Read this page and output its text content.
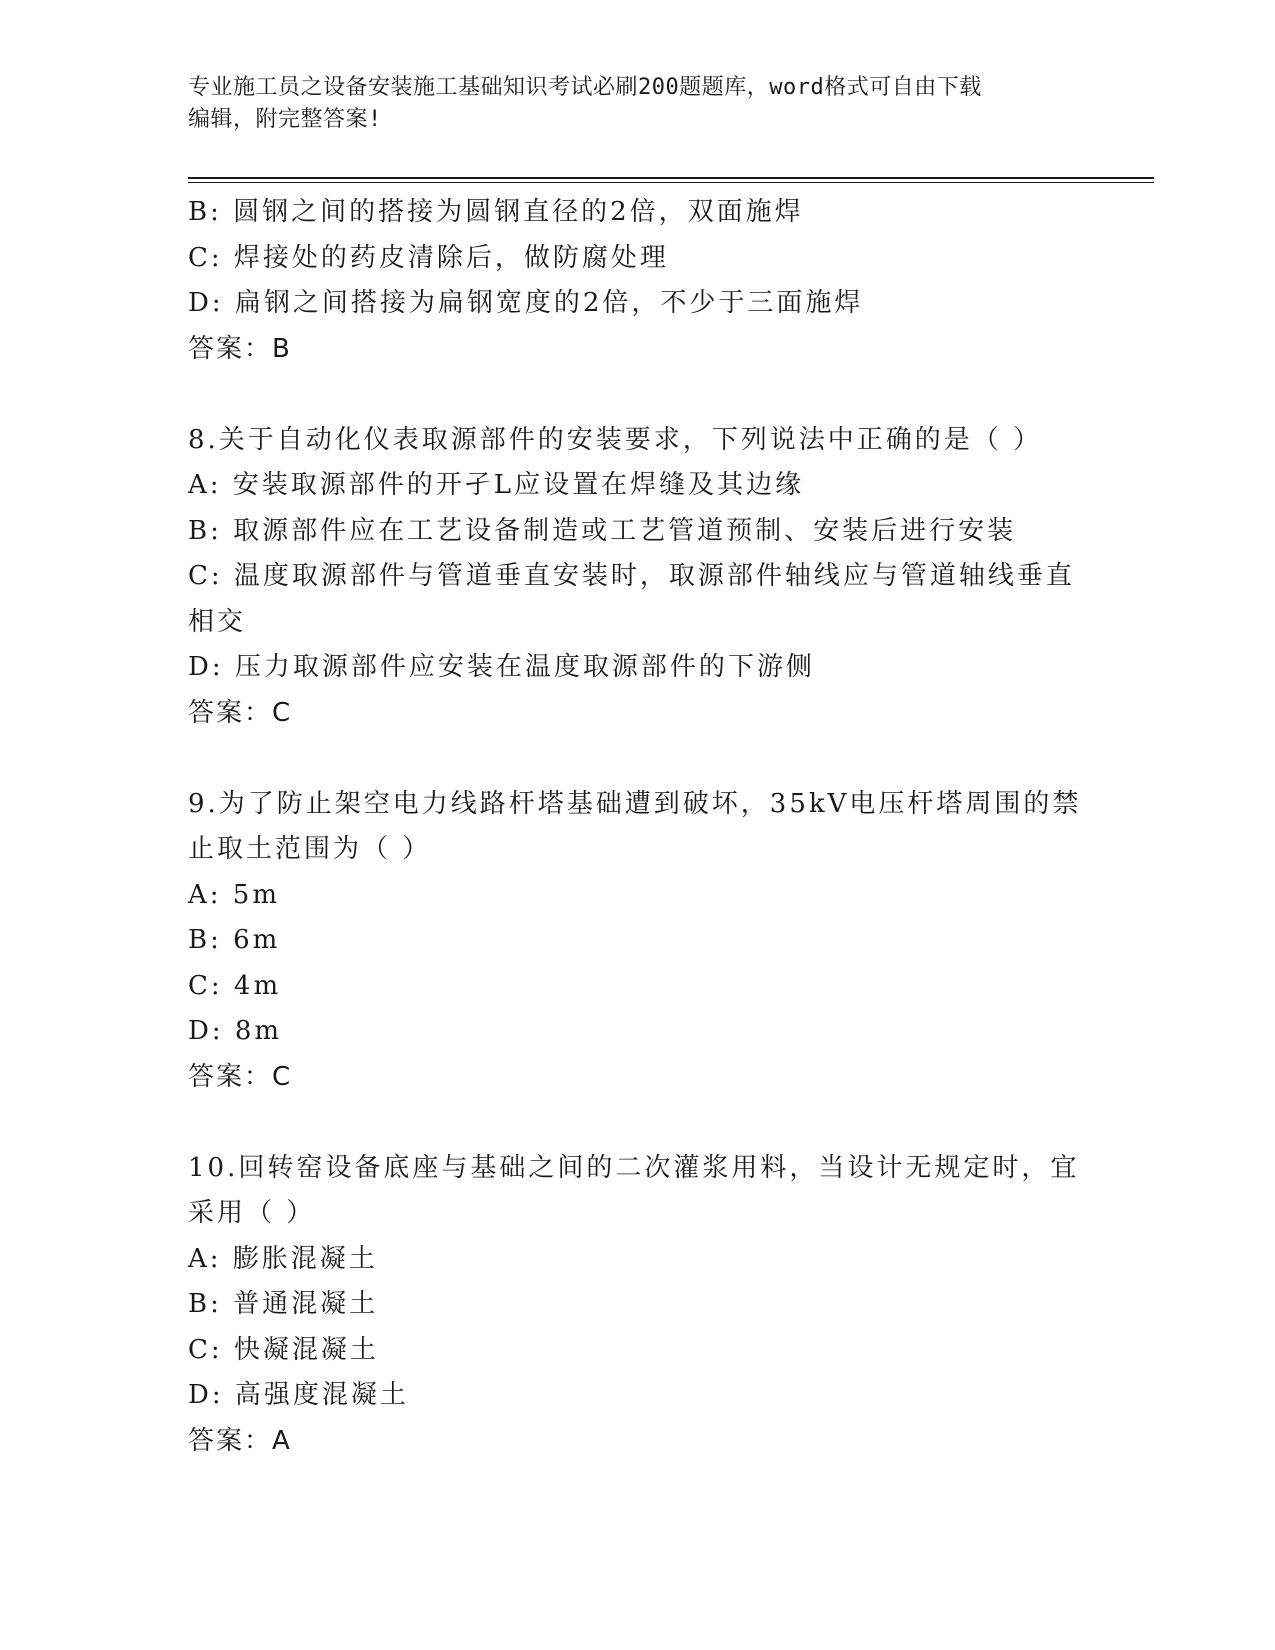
专业施工员之设备安装施工基础知识考试必刷200题题库，word格式可自由下载
编辑，附完整答案!
B: 圆钢之间的搭接为圆钢直径的2倍，双面施焊
C: 焊接处的药皮清除后，做防腐处理
D: 扁钢之间搭接为扁钢宽度的2倍，不少于三面施焊
答案：B
8.关于自动化仪表取源部件的安装要求，下列说法中正确的是（ ）
A: 安装取源部件的开孑L应设置在焊缝及其边缘
B: 取源部件应在工艺设备制造或工艺管道预制、安装后进行安装
C: 温度取源部件与管道垂直安装时，取源部件轴线应与管道轴线垂直
相交
D: 压力取源部件应安装在温度取源部件的下游侧
答案：C
9.为了防止架空电力线路杆塔基础遭到破坏，35kV电压杆塔周围的禁
止取土范围为（ ）
A: 5m
B: 6m
C: 4m
D: 8m
答案：C
10.回转窑设备底座与基础之间的二次灌浆用料，当设计无规定时，宜
采用（ ）
A: 膨胀混凝土
B: 普通混凝土
C: 快凝混凝土
D: 高强度混凝土
答案：A
